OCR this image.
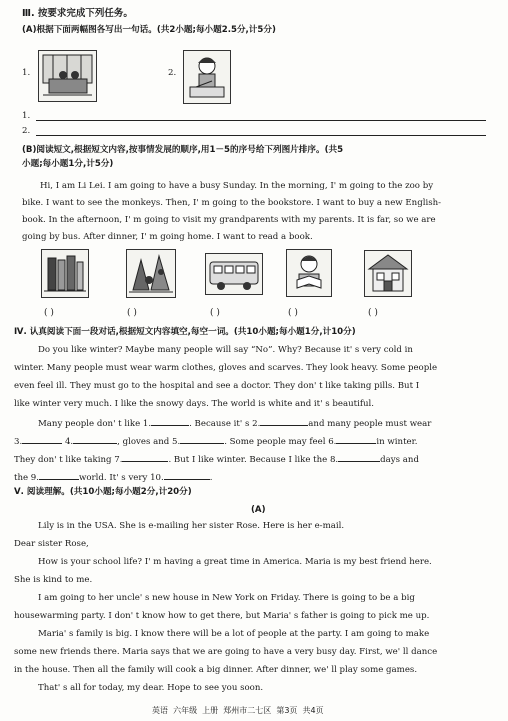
Ⅲ. 按要求完成下列任务。
(A)根据下面两幅图各写出一句话。(共2小题;每小题2.5分,计5分)
1.	2.
1.
2.
(B)阅读短文,根据短文内容,按事情发展的顺序,用1－5的序号给下列图片排序。(共5
小题;每小题1分,计5分)
Hi, I am Li Lei. I am going to have a busy Sunday. In the morning, I' m going to the zoo by
bike. I want to see the monkeys. Then, I' m going to the bookstore. I want to buy a new English-
book. In the afternoon, I' m going to visit my grandparents with my parents. It is far, so we are
going by bus. After dinner, I' m going home. I want to read a book.
( )	( )	( )	( )	( )
Ⅳ. 认真阅读下面一段对话,根据短文内容填空,每空一词。(共10小题;每小题1分,计10分)
Do you like winter? Maybe many people will say “No”. Why? Because it' s very cold in
winter. Many people must wear warm clothes, gloves and scarves. They look heavy. Some people
even feel ill. They must go to the hospital and see a doctor. They don' t like taking pills. But I
like winter very much. I like the snowy days. The world is white and it' s beautiful.
Many people don' t like 1.	. Because it' s 2.	and many people must wear
3.	4.	, gloves and 5.	. Some people may feel 6.	in winter.
They don' t like taking 7.	. But I like winter. Because I like the 8.	days and
the 9.	world. It' s very 10.	.
Ⅴ. 阅读理解。(共10小题;每小题2分,计20分)
(A)
Lily is in the USA. She is e-mailing her sister Rose. Here is her e-mail.
Dear sister Rose,
How is your school life? I' m having a great time in America. Maria is my best friend here.
She is kind to me.
I am going to her uncle' s new house in New York on Friday. There is going to be a big
housewarming party. I don' t know how to get there, but Maria' s father is going to pick me up.
Maria' s family is big. I know there will be a lot of people at the party. I am going to make
some new friends there. Maria says that we are going to have a very busy day. First, we' ll dance
in the house. Then all the family will cook a big dinner. After dinner, we' ll play some games.
That' s all for today, my dear. Hope to see you soon.
英语  六年级  上册  郑州市二七区  第3页  共4页
